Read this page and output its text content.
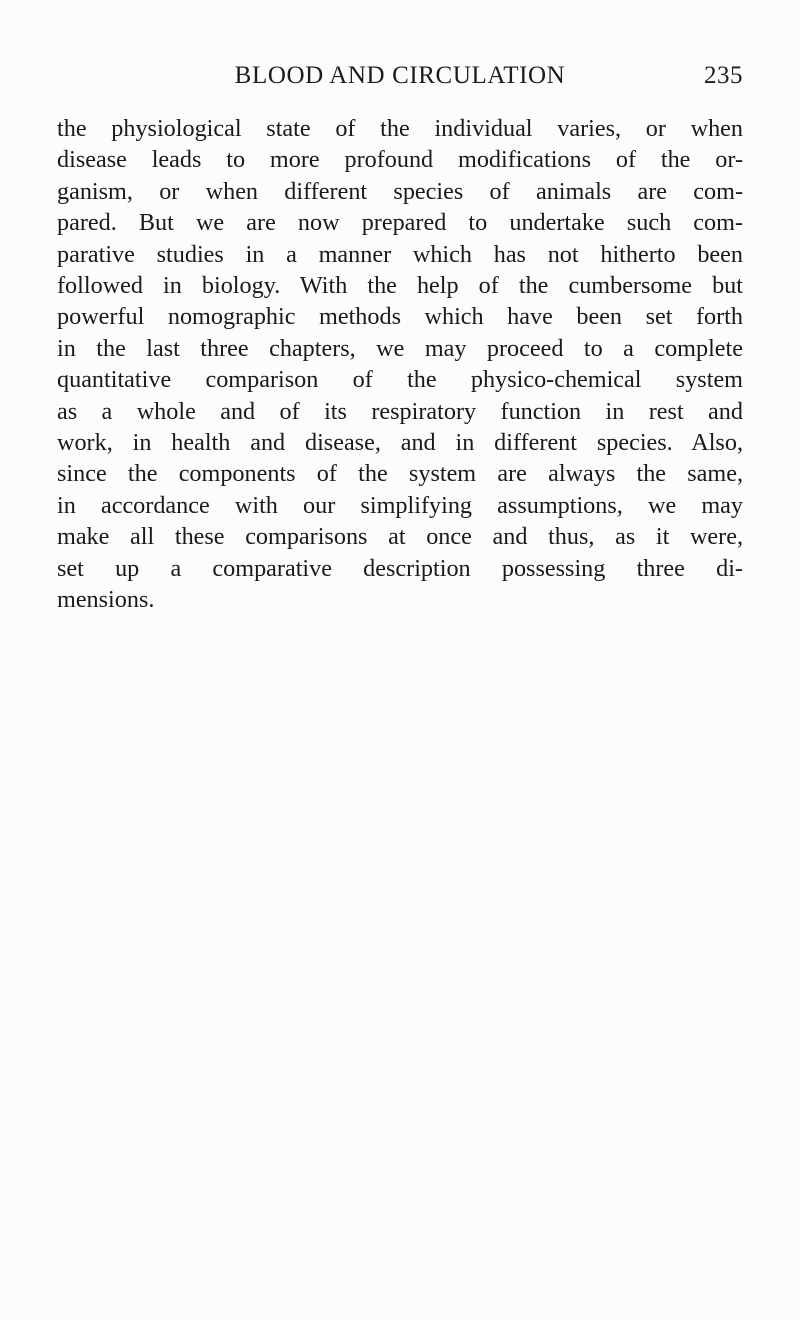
BLOOD AND CIRCULATION	235

the physiological state of the individual varies, or when
disease leads to more profound modifications of the or-
ganism, or when different species of animals are com-
pared. But we are now prepared to undertake such com-
parative studies in a manner which has not hitherto been
followed in biology. With the help of the cumbersome but
powerful nomographic methods which have been set forth
in the last three chapters, we may proceed to a complete
quantitative comparison of the physico-chemical system
as a whole and of its respiratory function in rest and
work, in health and disease, and in different species. Also,
since the components of the system are always the same,
in accordance with our simplifying assumptions, we may
make all these comparisons at once and thus, as it were,
set up a comparative description possessing three di-
mensions.
